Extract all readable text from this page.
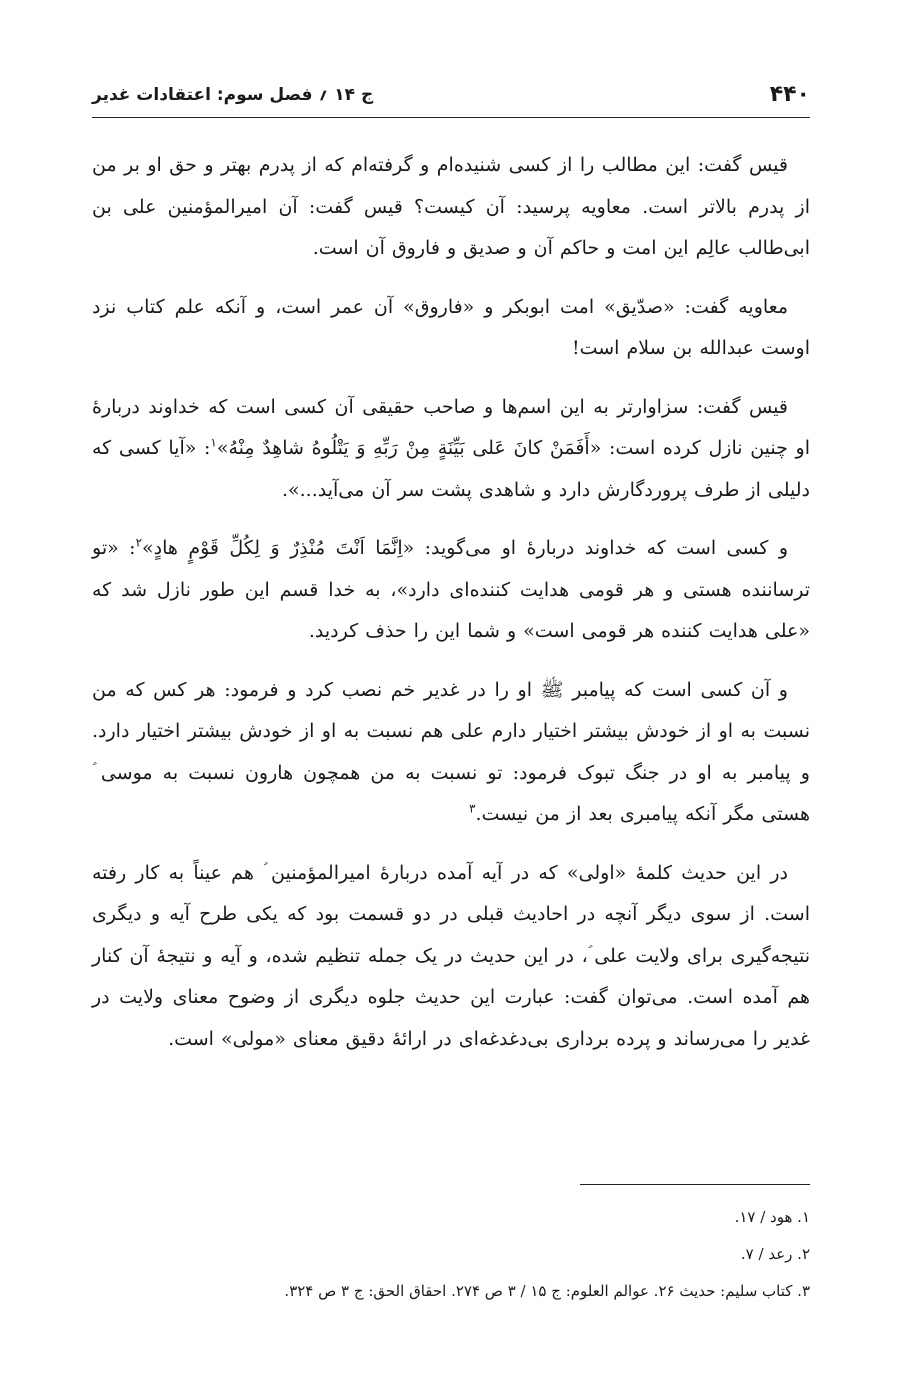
۴۴۰
ج ۱۴ ؍ فصل سوم: اعتقادات غدیر

قیس گفت: این مطالب را از کسی شنیده‌ام و گرفته‌ام که از پدرم بهتر و حق او بر من از پدرم بالاتر است. معاویه پرسید: آن کیست؟ قیس گفت: آن امیرالمؤمنین علی بن ابی‌طالب عالِم این امت و حاکم آن و صدیق و فاروق آن است.

معاویه گفت: «صدّیق» امت ابوبکر و «فاروق» آن عمر است، و آنکه علم کتاب نزد اوست عبدالله بن سلام است!

قیس گفت: سزاوارتر به این اسم‌ها و صاحب حقیقی آن کسی است که خداوند دربارهٔ او چنین نازل کرده است: «أَفَمَنْ كانَ عَلى بَيِّنَةٍ مِنْ رَبِّهِ وَ يَتْلُوهُ شاهِدٌ مِنْهُ»$^۱$: «آیا کسی که دلیلی از طرف پروردگارش دارد و شاهدی پشت سر آن می‌آید...».

و کسی است که خداوند دربارهٔ او می‌گوید: «اِنَّمَا اَنْتَ مُنْذِرٌ وَ لِكُلِّ قَوْمٍ هادٍ»$^۲$: «تو ترساننده هستی و هر قومی هدایت کننده‌ای دارد»، به خدا قسم این طور نازل شد که «علی هدایت کننده هر قومی است» و شما این را حذف کردید.

و آن کسی است که پیامبر ﷺ او را در غدیر خم نصب کرد و فرمود: هر کس که من نسبت به او از خودش بیشتر اختیار دارم علی هم نسبت به او از خودش بیشتر اختیار دارد. و پیامبر به او در جنگ تبوک فرمود: تو نسبت به من همچون هارون نسبت به موسی ؑ هستی مگر آنکه پیامبری بعد از من نیست.$^۳$

در این حدیث کلمهٔ «اولی» که در آیه آمده دربارهٔ امیرالمؤمنین ؑ هم عیناً به کار رفته است. از سوی دیگر آنچه در احادیث قبلی در دو قسمت بود که یکی طرح آیه و دیگری نتیجه‌گیری برای ولایت علی ؑ، در این حدیث در یک جمله تنظیم شده، و آیه و نتیجهٔ آن کنار هم آمده است. می‌توان گفت: عبارت این حدیث جلوه دیگری از وضوح معنای ولایت در غدیر را می‌رساند و پرده برداری بی‌دغدغه‌ای در ارائهٔ دقیق معنای «مولی» است.

۱. هود / ۱۷.

۲. رعد / ۷.

۳. کتاب سلیم: حدیث ۲۶. عوالم العلوم: ج ۱۵ / ۳ ص ۲۷۴. احقاق الحق: ج ۳ ص ۳۲۴.
